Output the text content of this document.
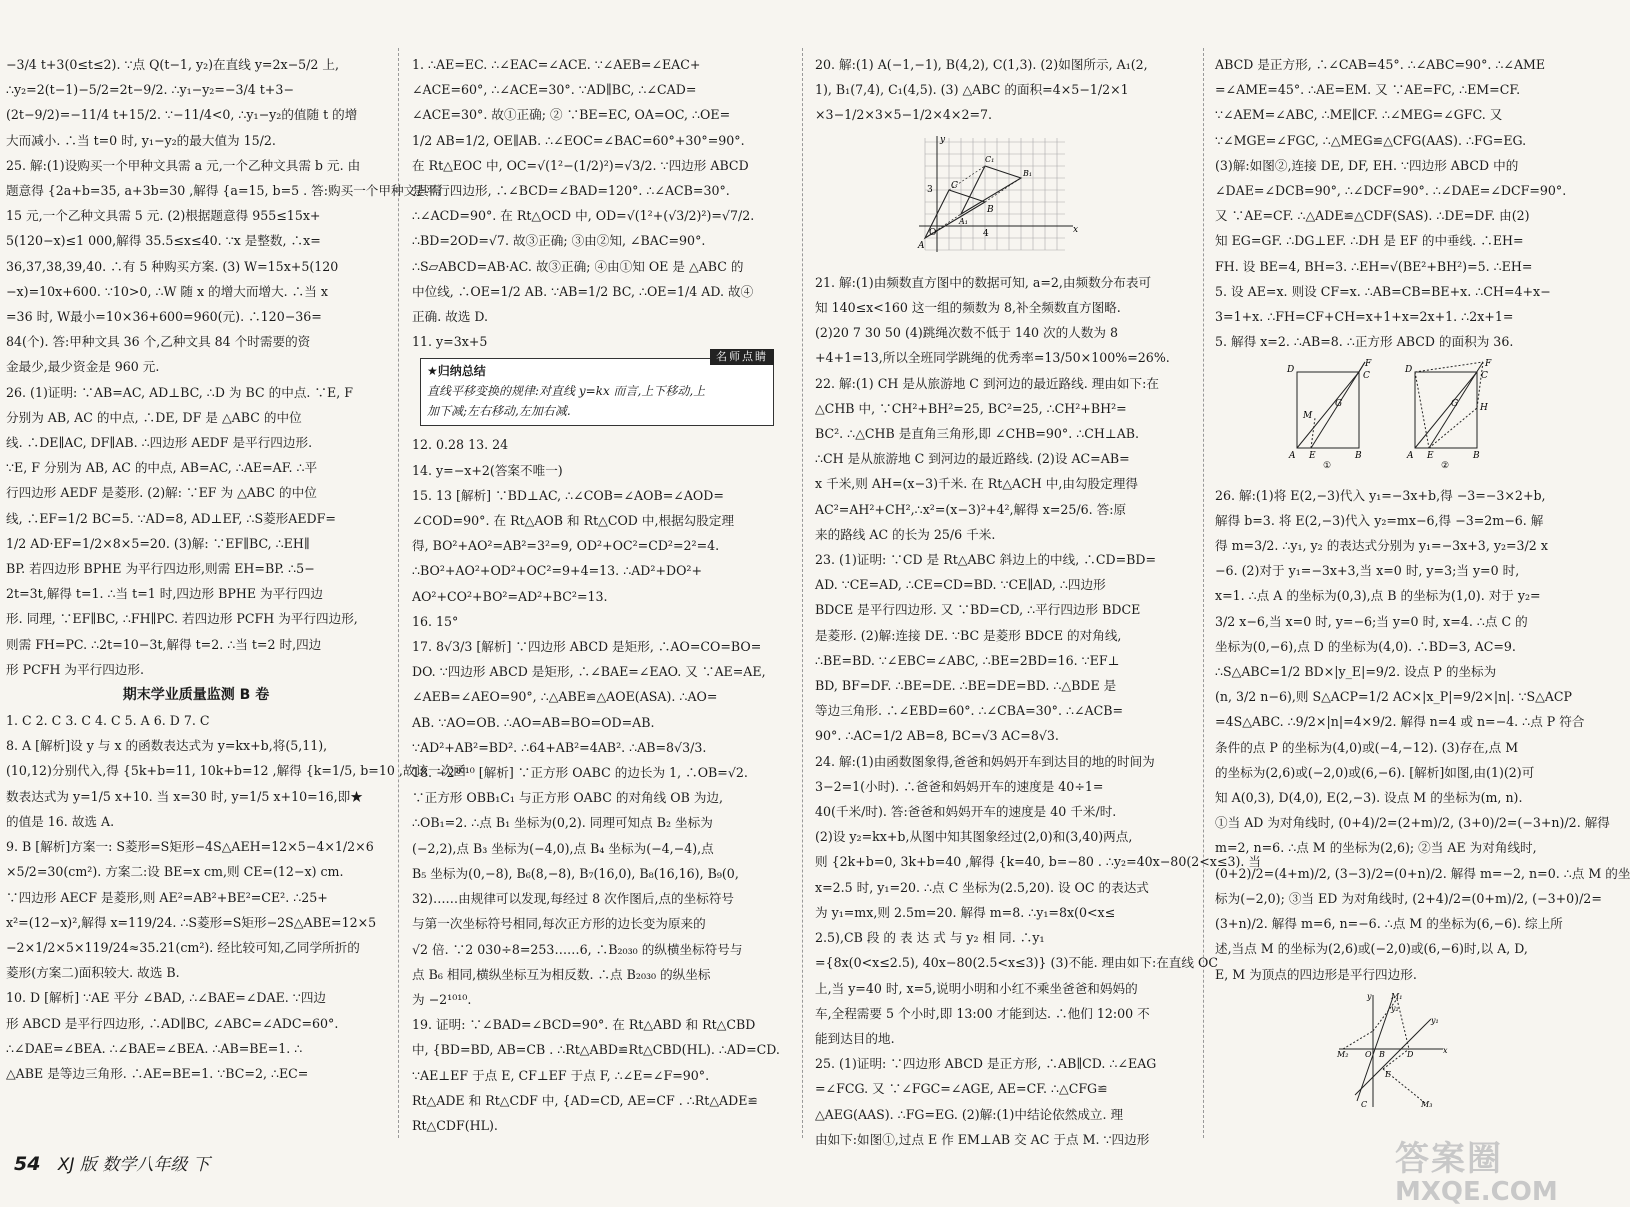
−3/4 t+3(0≤t≤2). ∵点 Q(t−1, y₂)在直线 y=2x−5/2 上,
∴y₂=2(t−1)−5/2=2t−9/2. ∴y₁−y₂=−3/4 t+3−
(2t−9/2)=−11/4 t+15/2. ∵−11/4<0, ∴y₁−y₂的值随 t 的增
大而减小. ∴当 t=0 时, y₁−y₂的最大值为 15/2.
25. 解:(1)设购买一个甲种文具需 a 元,一个乙种文具需 b 元. 由
题意得 {2a+b=35, a+3b=30 ,解得 {a=15, b=5 . 答:购买一个甲种文具需
15 元,一个乙种文具需 5 元. (2)根据题意得 955≤15x+
5(120−x)≤1 000,解得 35.5≤x≤40. ∵x 是整数, ∴x=
36,37,38,39,40. ∴有 5 种购买方案. (3) W=15x+5(120
−x)=10x+600. ∵10>0, ∴W 随 x 的增大而增大. ∴当 x
=36 时, W最小=10×36+600=960(元). ∴120−36=
84(个). 答:甲种文具 36 个,乙种文具 84 个时需要的资
金最少,最少资金是 960 元.
26. (1)证明: ∵AB=AC, AD⊥BC, ∴D 为 BC 的中点. ∵E, F
分别为 AB, AC 的中点, ∴DE, DF 是 △ABC 的中位
线. ∴DE∥AC, DF∥AB. ∴四边形 AEDF 是平行四边形.
∵E, F 分别为 AB, AC 的中点, AB=AC, ∴AE=AF. ∴平
行四边形 AEDF 是菱形. (2)解: ∵EF 为 △ABC 的中位
线, ∴EF=1/2 BC=5. ∵AD=8, AD⊥EF, ∴S菱形AEDF=
1/2 AD·EF=1/2×8×5=20. (3)解: ∵EF∥BC, ∴EH∥
BP. 若四边形 BPHE 为平行四边形,则需 EH=BP. ∴5−
2t=3t,解得 t=1. ∴当 t=1 时,四边形 BPHE 为平行四边
形. 同理, ∵EF∥BC, ∴FH∥PC. 若四边形 PCFH 为平行四边形,
则需 FH=PC. ∴2t=10−3t,解得 t=2. ∴当 t=2 时,四边
形 PCFH 为平行四边形.
期末学业质量监测 B 卷
1. C 2. C 3. C 4. C 5. A 6. D 7. C
8. A [解析]设 y 与 x 的函数表达式为 y=kx+b,将(5,11),
(10,12)分别代入,得 {5k+b=11, 10k+b=12 ,解得 {k=1/5, b=10 ,故该一次函
数表达式为 y=1/5 x+10. 当 x=30 时, y=1/5 x+10=16,即★
的值是 16. 故选 A.
9. B [解析]方案一: S菱形=S矩形−4S△AEH=12×5−4×1/2×6
×5/2=30(cm²). 方案二:设 BE=x cm,则 CE=(12−x) cm.
∵四边形 AECF 是菱形,则 AE²=AB²+BE²=CE². ∴25+
x²=(12−x)²,解得 x=119/24. ∴S菱形=S矩形−2S△ABE=12×5
−2×1/2×5×119/24≈35.21(cm²). 经比较可知,乙同学所折的
菱形(方案二)面积较大. 故选 B.
10. D [解析] ∵AE 平分 ∠BAD, ∴∠BAE=∠DAE. ∵四边
形 ABCD 是平行四边形, ∴AD∥BC, ∠ABC=∠ADC=60°.
∴∠DAE=∠BEA. ∴∠BAE=∠BEA. ∴AB=BE=1. ∴
△ABE 是等边三角形. ∴AE=BE=1. ∵BC=2, ∴EC=
1. ∴AE=EC. ∴∠EAC=∠ACE. ∵∠AEB=∠EAC+
∠ACE=60°, ∴∠ACE=30°. ∵AD∥BC, ∴∠CAD=
∠ACE=30°. 故①正确; ② ∵BE=EC, OA=OC, ∴OE=
1/2 AB=1/2, OE∥AB. ∴∠EOC=∠BAC=60°+30°=90°.
在 Rt△EOC 中, OC=√(1²−(1/2)²)=√3/2. ∵四边形 ABCD
是平行四边形, ∴∠BCD=∠BAD=120°. ∴∠ACB=30°.
∴∠ACD=90°. 在 Rt△OCD 中, OD=√(1²+(√3/2)²)=√7/2.
∴BD=2OD=√7. 故③正确; ③由②知, ∠BAC=90°.
∴S▱ABCD=AB·AC. 故③正确; ④由①知 OE 是 △ABC 的
中位线, ∴OE=1/2 AB. ∵AB=1/2 BC, ∴OE=1/4 AD. 故④
正确. 故选 D.
11. y=3x+5
名师点睛
★归纳总结
直线平移变换的规律:对直线 y=kx 而言,上下移动,上
加下减;左右移动,左加右减.
12. 0.28 13. 24
14. y=−x+2(答案不唯一)
15. 13 [解析] ∵BD⊥AC, ∴∠COB=∠AOB=∠AOD=
∠COD=90°. 在 Rt△AOB 和 Rt△COD 中,根据勾股定理
得, BO²+AO²=AB²=3²=9, OD²+OC²=CD²=2²=4.
∴BO²+AO²+OD²+OC²=9+4=13. ∴AD²+DO²+
AO²+CO²+BO²=AD²+BC²=13.
16. 15°
17. 8√3/3 [解析] ∵四边形 ABCD 是矩形, ∴AO=CO=BO=
DO. ∵四边形 ABCD 是矩形, ∴∠BAE=∠EAO. 又 ∵AE=AE,
∠AEB=∠AEO=90°, ∴△ABE≌△AOE(ASA). ∴AO=
AB. ∵AO=OB. ∴AO=AB=BO=OD=AB.
∵AD²+AB²=BD². ∴64+AB²=4AB². ∴AB=8√3/3.
18. −2¹⁰¹⁰ [解析] ∵正方形 OABC 的边长为 1, ∴OB=√2.
∵正方形 OBB₁C₁ 与正方形 OABC 的对角线 OB 为边,
∴OB₁=2. ∴点 B₁ 坐标为(0,2). 同理可知点 B₂ 坐标为
(−2,2),点 B₃ 坐标为(−4,0),点 B₄ 坐标为(−4,−4),点
B₅ 坐标为(0,−8), B₆(8,−8), B₇(16,0), B₈(16,16), B₉(0,
32)……由规律可以发现,每经过 8 次作图后,点的坐标符号
与第一次坐标符号相同,每次正方形的边长变为原来的
√2 倍. ∵2 030÷8=253……6, ∴B₂₀₃₀ 的纵横坐标符号与
点 B₆ 相同,横纵坐标互为相反数. ∴点 B₂₀₃₀ 的纵坐标
为 −2¹⁰¹⁰.
19. 证明: ∵∠BAD=∠BCD=90°. 在 Rt△ABD 和 Rt△CBD
中, {BD=BD, AB=CB . ∴Rt△ABD≌Rt△CBD(HL). ∴AD=CD.
∵AE⊥EF 于点 E, CF⊥EF 于点 F, ∴∠E=∠F=90°.
Rt△ADE 和 Rt△CDF 中, {AD=CD, AE=CF . ∴Rt△ADE≌
Rt△CDF(HL).
20. 解:(1) A(−1,−1), B(4,2), C(1,3). (2)如图所示, A₁(2,
1), B₁(7,4), C₁(4,5). (3) △ABC 的面积=4×5−1/2×1
×3−1/2×3×5−1/2×4×2=7.
y
x
O
A
B
C
A₁
B₁
C₁
3
4
21. 解:(1)由频数直方图中的数据可知, a=2,由频数分布表可
知 140≤x<160 这一组的频数为 8,补全频数直方图略.
(2)20 7 30 50 (4)跳绳次数不低于 140 次的人数为 8
+4+1=13,所以全班同学跳绳的优秀率=13/50×100%=26%.
22. 解:(1) CH 是从旅游地 C 到河边的最近路线. 理由如下:在
△CHB 中, ∵CH²+BH²=25, BC²=25, ∴CH²+BH²=
BC². ∴△CHB 是直角三角形,即 ∠CHB=90°. ∴CH⊥AB.
∴CH 是从旅游地 C 到河边的最近路线. (2)设 AC=AB=
x 千米,则 AH=(x−3)千米. 在 Rt△ACH 中,由勾股定理得
AC²=AH²+CH²,∴x²=(x−3)²+4²,解得 x=25/6. 答:原
来的路线 AC 的长为 25/6 千米.
23. (1)证明: ∵CD 是 Rt△ABC 斜边上的中线, ∴CD=BD=
AD. ∵CE=AD, ∴CE=CD=BD. ∵CE∥AD, ∴四边形
BDCE 是平行四边形. 又 ∵BD=CD, ∴平行四边形 BDCE
是菱形. (2)解:连接 DE. ∵BC 是菱形 BDCE 的对角线,
∴BE=BD. ∵∠EBC=∠ABC, ∴BE=2BD=16. ∵EF⊥
BD, BF=DF. ∴BE=DE. ∴BE=DE=BD. ∴△BDE 是
等边三角形. ∴∠EBD=60°. ∴∠CBA=30°. ∴∠ACB=
90°. ∴AC=1/2 AB=8, BC=√3 AC=8√3.
24. 解:(1)由函数图象得,爸爸和妈妈开车到达目的地的时间为
3−2=1(小时). ∴爸爸和妈妈开车的速度是 40÷1=
40(千米/时). 答:爸爸和妈妈开车的速度是 40 千米/时.
(2)设 y₂=kx+b,从图中知其图象经过(2,0)和(3,40)两点,
则 {2k+b=0, 3k+b=40 ,解得 {k=40, b=−80 . ∴y₂=40x−80(2<x≤3). 当
x=2.5 时, y₁=20. ∴点 C 坐标为(2.5,20). 设 OC 的表达式
为 y₁=mx,则 2.5m=20. 解得 m=8. ∴y₁=8x(0<x≤
2.5),CB 段 的 表 达 式 与 y₂ 相 同. ∴y₁
={8x(0<x≤2.5), 40x−80(2.5<x≤3)} (3)不能. 理由如下:在直线 OC
上,当 y=40 时, x=5,说明小明和小红不乘坐爸爸和妈妈的
车,全程需要 5 个小时,即 13:00 才能到达. ∴他们 12:00 不
能到达目的地.
25. (1)证明: ∵四边形 ABCD 是正方形, ∴AB∥CD. ∴∠EAG
=∠FCG. 又 ∵∠FGC=∠AGE, AE=CF. ∴△CFG≌
△AEG(AAS). ∴FG=EG. (2)解:(1)中结论依然成立. 理
由如下:如图①,过点 E 作 EM⊥AB 交 AC 于点 M. ∵四边形
ABCD 是正方形, ∴∠CAB=45°. ∴∠ABC=90°. ∴∠AME
=∠AME=45°. ∴AE=EM. 又 ∵AE=FC, ∴EM=CF.
∵∠AEM=∠ABC, ∴ME∥CF. ∴∠MEG=∠GFC. 又
∵∠MGE=∠FGC, ∴△MEG≌△CFG(AAS). ∴FG=EG.
(3)解:如图②,连接 DE, DF, EH. ∵四边形 ABCD 中的
∠DAE=∠DCB=90°, ∴∠DCF=90°. ∴∠DAE=∠DCF=90°.
又 ∵AE=CF. ∴△ADE≌△CDF(SAS). ∴DE=DF. 由(2)
知 EG=GF. ∴DG⊥EF. ∴DH 是 EF 的中垂线. ∴EH=
FH. 设 BE=4, BH=3. ∴EH=√(BE²+BH²)=5. ∴EH=
5. 设 AE=x. 则设 CF=x. ∴AB=CB=BE+x. ∴CH=4+x−
3=1+x. ∴FH=CF+CH=x+1+x=2x+1. ∴2x+1=
5. 解得 x=2. ∴AB=8. ∴正方形 ABCD 的面积为 36.
D
F
C
G
M
A E	B
①
D
F
C
G H
A E	B
②
26. 解:(1)将 E(2,−3)代入 y₁=−3x+b,得 −3=−3×2+b,
解得 b=3. 将 E(2,−3)代入 y₂=mx−6,得 −3=2m−6. 解
得 m=3/2. ∴y₁, y₂ 的表达式分别为 y₁=−3x+3, y₂=3/2 x
−6. (2)对于 y₁=−3x+3,当 x=0 时, y=3;当 y=0 时,
x=1. ∴点 A 的坐标为(0,3),点 B 的坐标为(1,0). 对于 y₂=
3/2 x−6,当 x=0 时, y=−6;当 y=0 时, x=4. ∴点 C 的
坐标为(0,−6),点 D 的坐标为(4,0). ∴BD=3, AC=9.
∴S△ABC=1/2 BD×|y_E|=9/2. 设点 P 的坐标为
(n, 3/2 n−6),则 S△ACP=1/2 AC×|x_P|=9/2×|n|. ∵S△ACP
=4S△ABC. ∴9/2×|n|=4×9/2. 解得 n=4 或 n=−4. ∴点 P 符合
条件的点 P 的坐标为(4,0)或(−4,−12). (3)存在,点 M
的坐标为(2,6)或(−2,0)或(6,−6). [解析]如图,由(1)(2)可
知 A(0,3), D(4,0), E(2,−3). 设点 M 的坐标为(m, n).
①当 AD 为对角线时, (0+4)/2=(2+m)/2, (3+0)/2=(−3+n)/2. 解得
m=2, n=6. ∴点 M 的坐标为(2,6); ②当 AE 为对角线时,
(0+2)/2=(4+m)/2, (3−3)/2=(0+n)/2. 解得 m=−2, n=0. ∴点 M 的坐
标为(−2,0); ③当 ED 为对角线时, (2+4)/2=(0+m)/2, (−3+0)/2=
(3+n)/2. 解得 m=6, n=−6. ∴点 M 的坐标为(6,−6). 综上所
述,当点 M 的坐标为(2,6)或(−2,0)或(6,−6)时,以 A, D,
E, M 为顶点的四边形是平行四边形.
y M₁
x
M₂ O B	D
E
C	M₃
y₁
y₂
54 XJ 版 数学八年级 下	答案圈
MXQE.COM
